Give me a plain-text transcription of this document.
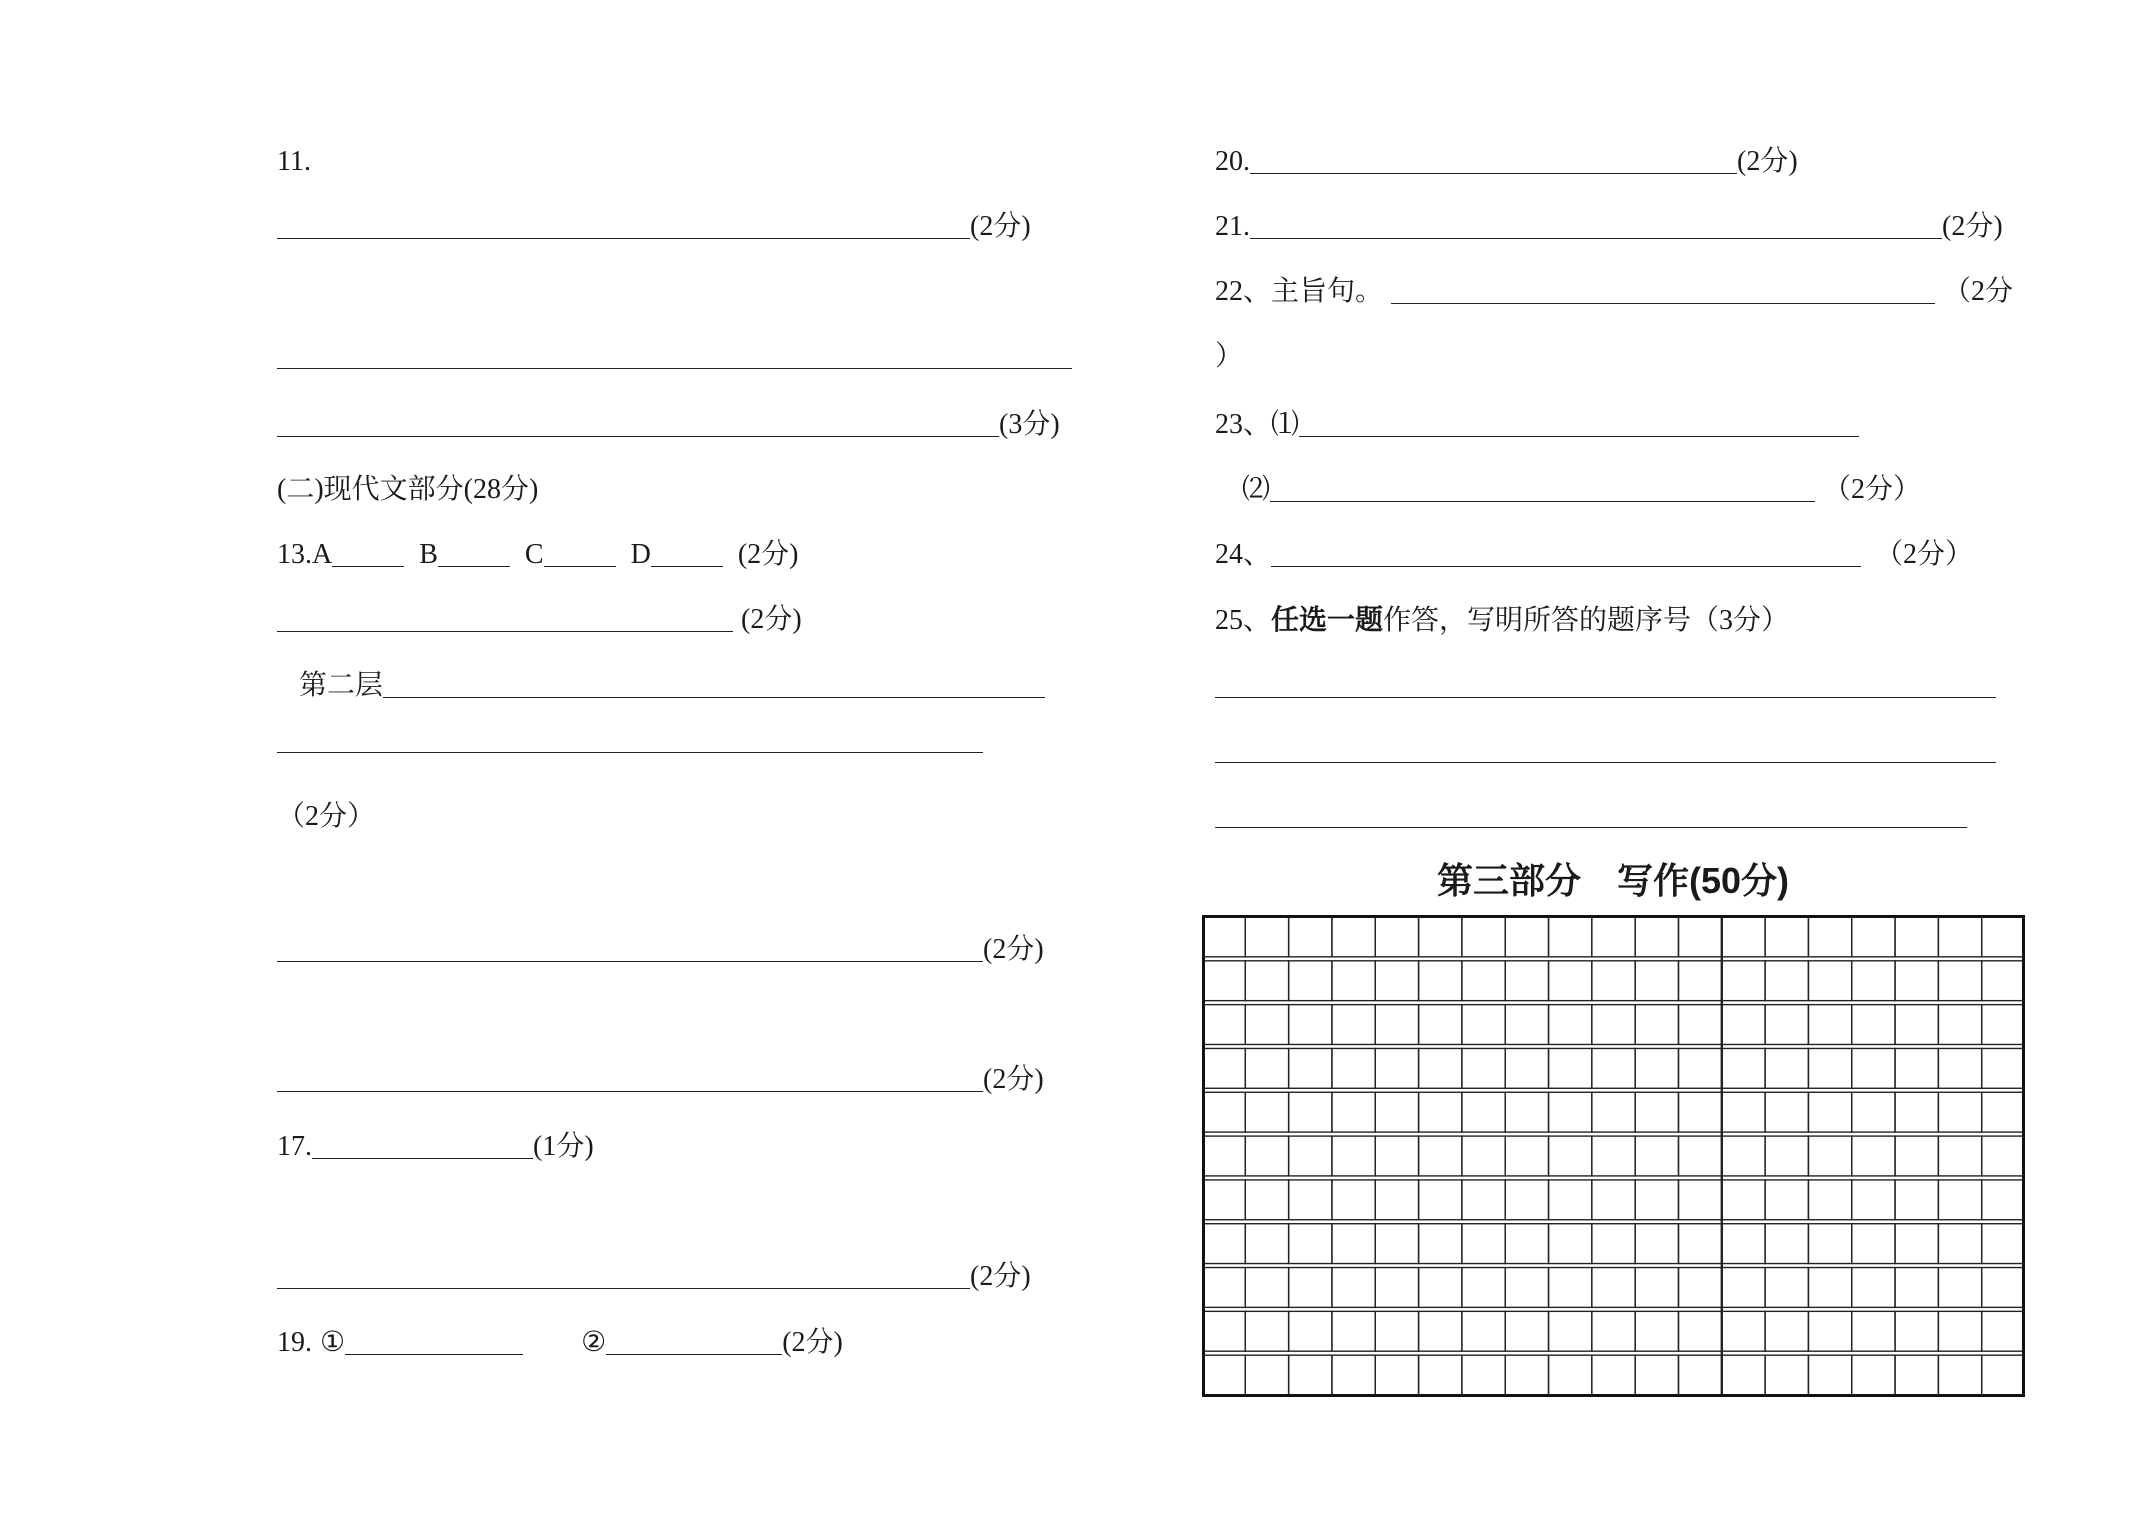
11.
(2分)
(3分)
(二)现代文部分(28分)
13.A	B	C	D	(2分)
(2分)
第二层
（2分）
(2分)
(2分)
17.	(1分)
(2分)
19. ①	②	(2分)
20.	(2分)
21.	(2分)
22、主旨句。	（2分
）
23、⑴
⑵	（2分）
24、	（2分）
25、任选一题作答，写明所答的题序号（3分）
第三部分　写作(50分)
